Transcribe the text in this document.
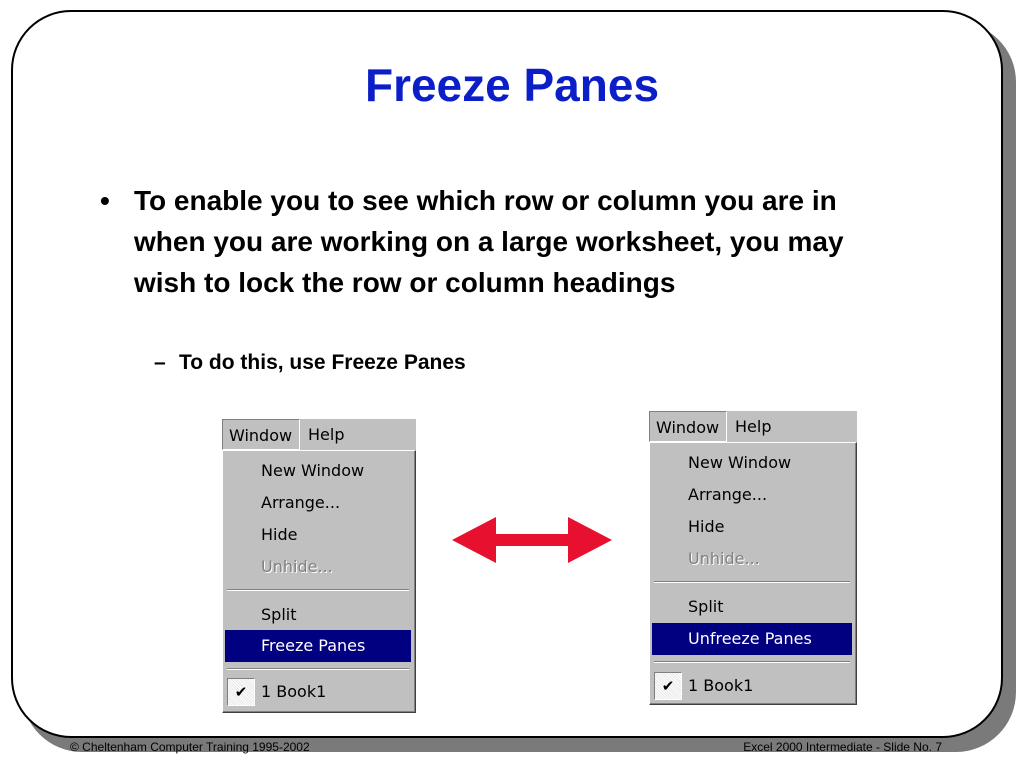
Freeze Panes
• To enable you to see which row or column you are in when you are working on a large worksheet, you may wish to lock the row or column headings
– To do this, use Freeze Panes
Window Help
New Window
Arrange...
Hide
Unhide...
Split
Freeze Panes
✔ 1 Book1
Window Help
New Window
Arrange...
Hide
Unhide...
Split
Unfreeze Panes
✔ 1 Book1
© Cheltenham Computer Training 1995-2002	Excel 2000 Intermediate - Slide No. 7
